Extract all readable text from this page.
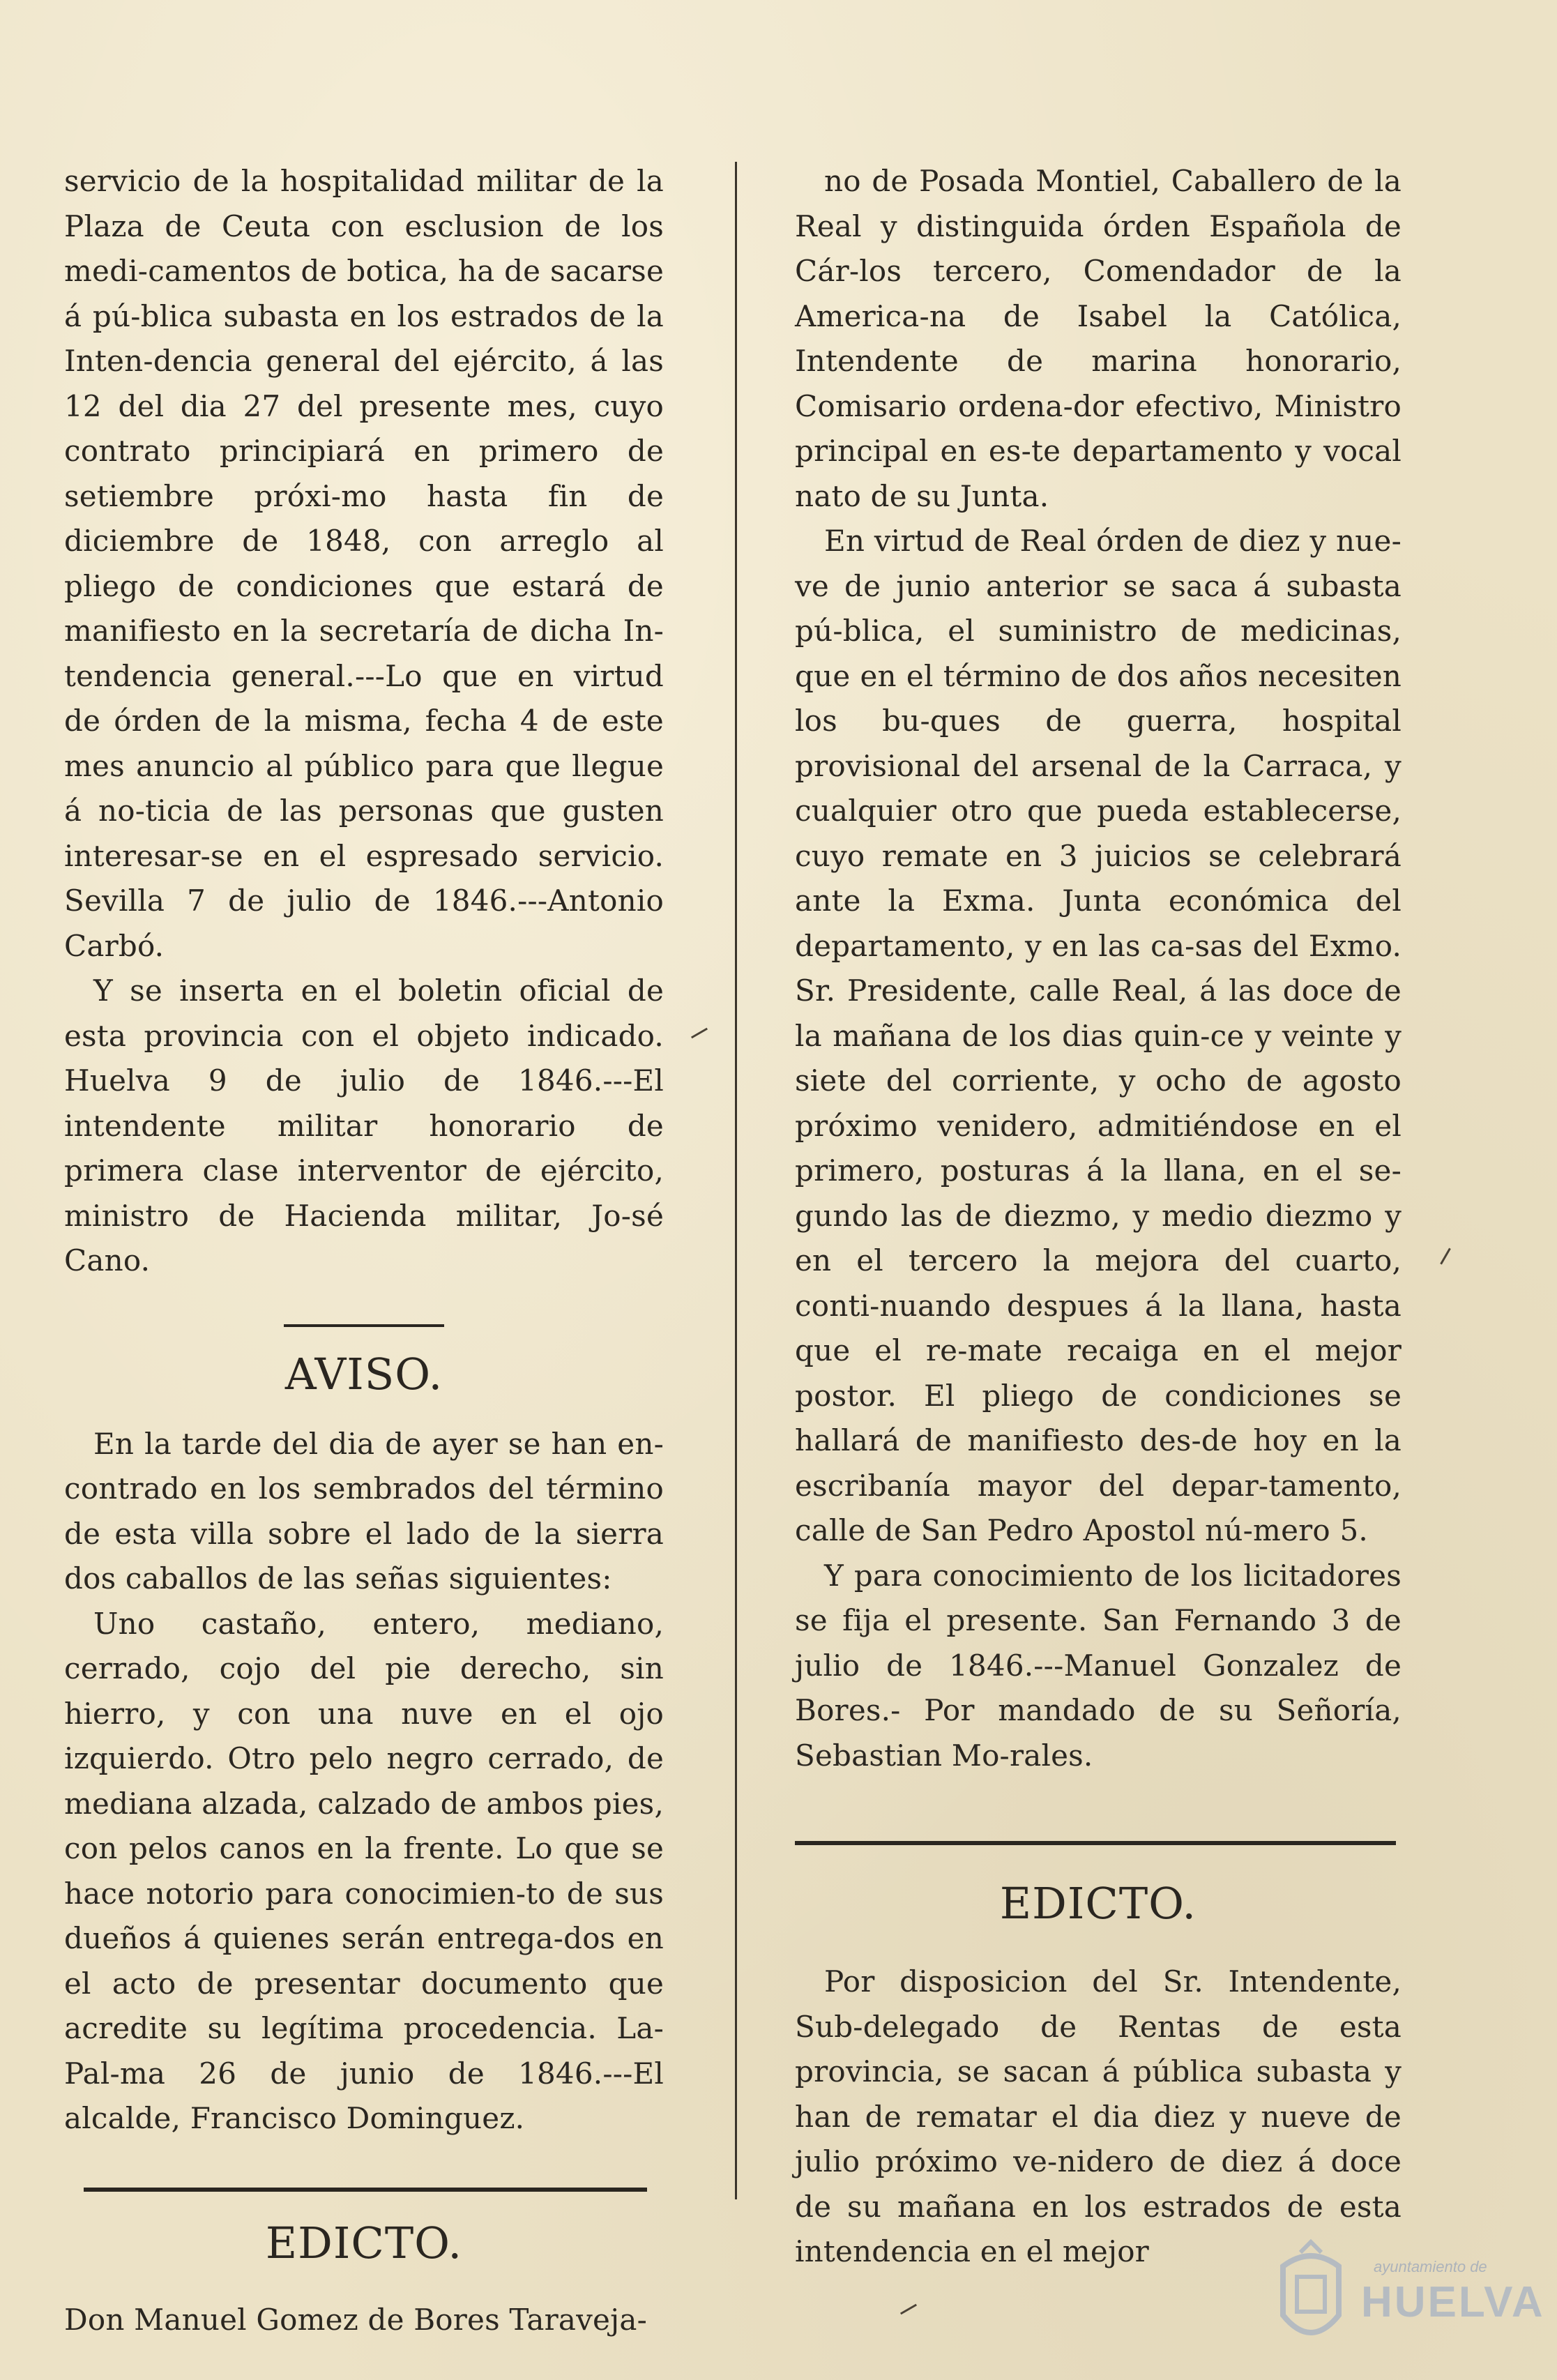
servicio de la hospitalidad militar de la Plaza de Ceuta con esclusion de los medi-camentos de botica, ha de sacarse á pú-blica subasta en los estrados de la Inten-dencia general del ejército, á las 12 del dia 27 del presente mes, cuyo contrato principiará en primero de setiembre próxi-mo hasta fin de diciembre de 1848, con arreglo al pliego de condiciones que estará de manifiesto en la secretaría de dicha In-tendencia general.---Lo que en virtud de órden de la misma, fecha 4 de este mes anuncio al público para que llegue á no-ticia de las personas que gusten interesar-se en el espresado servicio. Sevilla 7 de julio de 1846.---Antonio Carbó.

Y se inserta en el boletin oficial de esta provincia con el objeto indicado. Huelva 9 de julio de 1846.---El intendente militar honorario de primera clase interventor de ejército, ministro de Hacienda militar, Jo-sé Cano.

AVISO.

En la tarde del dia de ayer se han en-contrado en los sembrados del término de esta villa sobre el lado de la sierra dos caballos de las señas siguientes:

Uno castaño, entero, mediano, cerrado, cojo del pie derecho, sin hierro, y con una nuve en el ojo izquierdo. Otro pelo negro cerrado, de mediana alzada, calzado de ambos pies, con pelos canos en la frente. Lo que se hace notorio para conocimien-to de sus dueños á quienes serán entrega-dos en el acto de presentar documento que acredite su legítima procedencia. La-Pal-ma 26 de junio de 1846.---El alcalde, Francisco Dominguez.

EDICTO.

Don Manuel Gomez de Bores Taraveja-

no de Posada Montiel, Caballero de la Real y distinguida órden Española de Cár-los tercero, Comendador de la America-na de Isabel la Católica, Intendente de marina honorario, Comisario ordena-dor efectivo, Ministro principal en es-te departamento y vocal nato de su Junta.

En virtud de Real órden de diez y nue-ve de junio anterior se saca á subasta pú-blica, el suministro de medicinas, que en el término de dos años necesiten los bu-ques de guerra, hospital provisional del arsenal de la Carraca, y cualquier otro que pueda establecerse, cuyo remate en 3 juicios se celebrará ante la Exma. Junta económica del departamento, y en las ca-sas del Exmo. Sr. Presidente, calle Real, á las doce de la mañana de los dias quin-ce y veinte y siete del corriente, y ocho de agosto próximo venidero, admitiéndose en el primero, posturas á la llana, en el se-gundo las de diezmo, y medio diezmo y en el tercero la mejora del cuarto, conti-nuando despues á la llana, hasta que el re-mate recaiga en el mejor postor. El pliego de condiciones se hallará de manifiesto des-de hoy en la escribanía mayor del depar-tamento, calle de San Pedro Apostol nú-mero 5.

Y para conocimiento de los licitadores se fija el presente. San Fernando 3 de julio de 1846.---Manuel Gonzalez de Bores.- Por mandado de su Señoría, Sebastian Mo-rales.

EDICTO.

Por disposicion del Sr. Intendente, Sub-delegado de Rentas de esta provincia, se sacan á pública subasta y han de rematar el dia diez y nueve de julio próximo ve-nidero de diez á doce de su mañana en los estrados de esta intendencia en el mejor	ayuntamiento de
HUELVA
